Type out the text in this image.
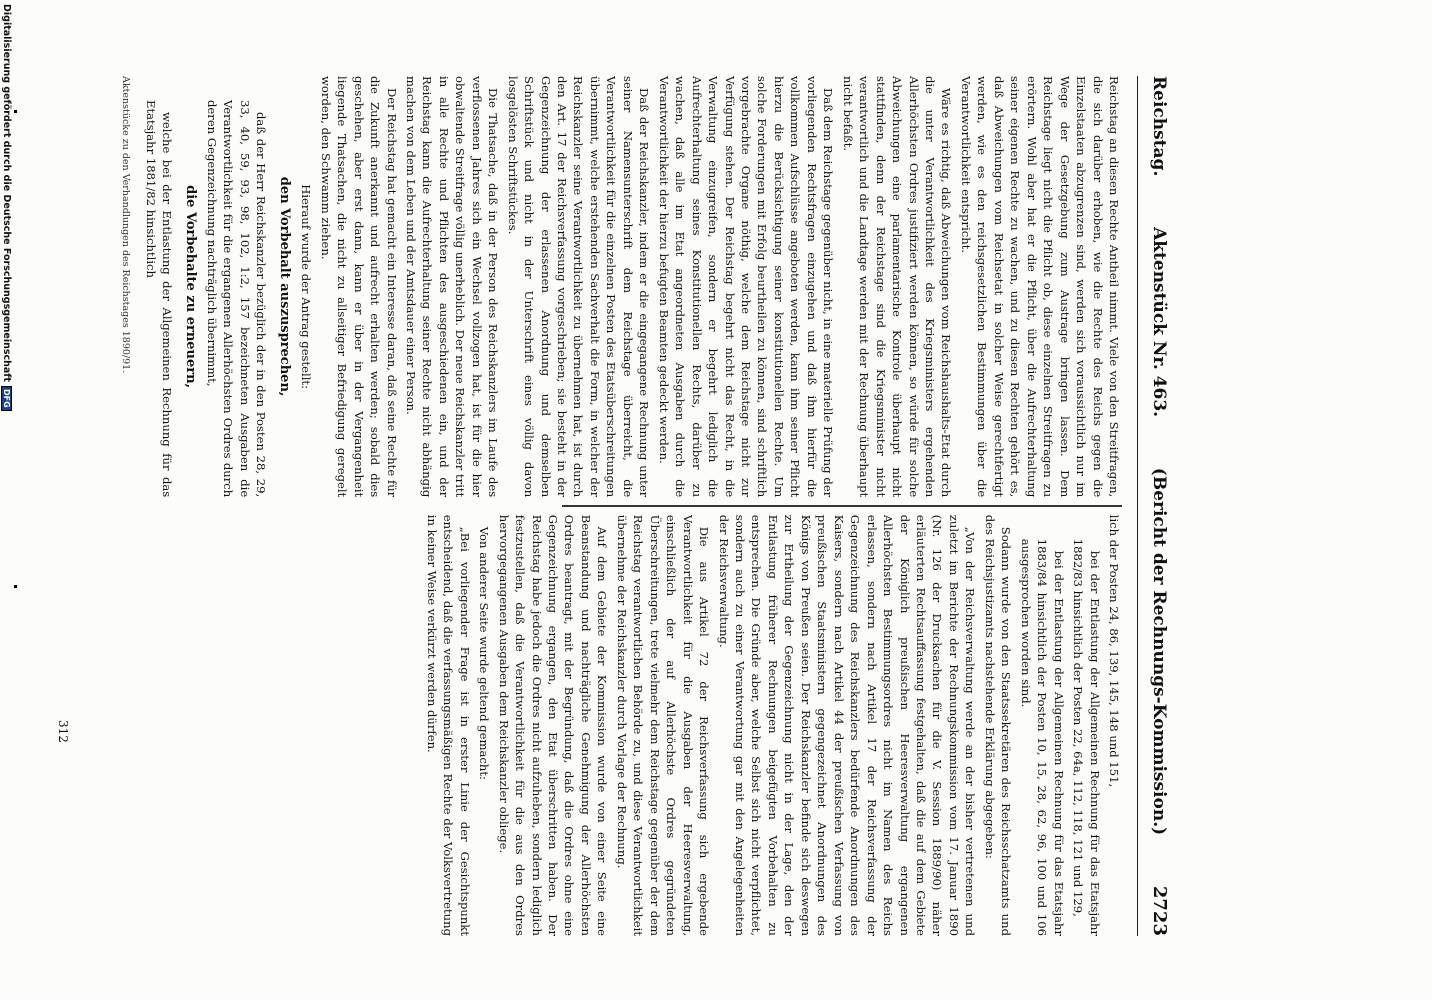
Reichstag.
Aktenstück Nr. 463.
(Bericht der Rechnungs-Kommission.)
2723

Reichstag an diesen Rechte Antheil nimmt. Viele von den Streitfragen, die sich darüber erhoben, wie die Rechte des Reichs gegen die Einzelstaaten abzugrenzen sind, werden sich voraussichtlich nur im Wege der Gesetzgebung zum Austrage bringen lassen. Dem Reichstage liegt nicht die Pflicht ob, diese einzelnen Streitfragen zu erörtern. Wohl aber hat er die Pflicht, über die Aufrechterhaltung seiner eigenen Rechte zu wachen, und zu diesen Rechten gehört es, daß Abweichungen vom Reichsetat in solcher Weise gerechtfertigt werden, wie es den reichsgesetzlichen Bestimmungen über die Verantwortlichkeit entspricht.

Wäre es richtig, daß Abweichungen vom Reichshaushalts-Etat durch die unter Verantwortlichkeit des Kriegsministers ergehenden Allerhöchsten Ordres justifiziert werden können, so würde für solche Abweichungen eine parlamentarische Kontrole überhaupt nicht stattfinden, denn der Reichstage sind die Kriegsminister nicht verantwortlich und die Landtage werden mit der Rechnung überhaupt nicht befaßt.

Daß dem Reichstage gegenüber nicht, in eine materielle Prüfung der vorliegenden Rechtsfragen einzugehen und daß ihm hierfür die vollkommen Aufschlüsse angeboten werden, kann ihm seiner Pflicht hierzu die Berücksichtigung seiner konstitutionellen Rechte. Um solche Forderungen mit Erfolg beurtheilen zu können, sind schriftlich vorgebrachte Organe nöthig, welche dem Reichstage nicht zur Verfügung stehen. Der Reichstag begehrt nicht das Recht, in die Verwaltung einzugreifen, sondern er begehrt lediglich die Aufrechterhaltung seines Konstitutionellen Rechts, darüber zu wachen, daß alle im Etat angeordneten Ausgaben durch die Verantwortlichkeit der hierzu befugten Beamten gedeckt werden.

Daß der Reichskanzler, indem er die eingegangene Rechnung unter seiner Namensunterschrift dem Reichstage überreicht, die Verantwortlichkeit für die einzelnen Posten des Etatsüberschreitungen übernimmt, welche erstehenden Sachverhalt die Form, in welcher der Reichskanzler seine Verantwortlichkeit zu übernehmen hat, ist durch den Art. 17 der Reichsverfassung vorgeschrieben; sie besteht in der Gegenzeichnung der erlassenen Anordnung und demselben Schriftstück und nicht in der Unterschrift eines völlig davon losgelösten Schriftstückes.

Die Thatsache, daß in der Person des Reichskanzlers im Laufe des verflossenen Jahres sich ein Wechsel vollzogen hat, ist für die hier obwaltende Streitfrage völlig unerheblich. Der neue Reichskanzler tritt in alle Rechte und Pflichten des ausgeschiedenen ein, und der Reichstag kann die Aufrechterhaltung seiner Rechte nicht abhängig machen von dem Leben und der Amtsdauer einer Person.

Der Reichstag hat gemacht ein Interesse daran, daß seine Rechte für die Zukunft anerkannt und aufrecht erhalten werden; sobald dies geschehen, aber erst dann, kann er über in der Vergangenheit liegende Thatsachen, die nicht zu allseitiger Befriedigung geregelt worden, den Schwamm ziehen.

Hierauf wurde der Antrag gestellt:

den Vorbehalt auszusprechen,

daß der Herr Reichskanzler bezüglich der in den Posten 28, 29, 33, 40, 59, 93, 98, 102, 1:2, 157 bezeichneten Ausgaben die Verantwortlichkeit für die ergangenen Allerhöchsten Ordres durch deren Gegenzeichnung nachträglich übernimmt,

die Vorbehalte zu erneuern,

welche bei der Entlastung der Allgemeinen Rechnung für das Etatsjahr 1881/82 hinsichtlich

Aktenstücke zu den Verhandlungen des Reichstages 1890/91.

lich der Posten 24, 86, 139, 145, 148 und 151,

bei der Entlastung der Allgemeinen Rechnung für das Etatsjahr 1882/83 hinsichtlich der Posten 22, 64a, 112, 118, 121 und 129,

bei der Entlastung der Allgemeinen Rechnung für das Etatsjahr 1883/84 hinsichtlich der Posten 10, 15, 28, 62, 96, 100 und 106 ausgesprochen worden sind.

Sodann wurde von den Staatssekretären des Reichsschatzamts und des Reichsjustizamts nachstehende Erklärung abgegeben:

„Von der Reichsverwaltung werde an der bisher vertretenen und zuletzt im Berichte der Rechnungskommission vom 17. Januar 1890 (Nr. 126 der Drucksachen für die V. Session 1889/90) näher erläuterten Rechtsauffassung festgehalten, daß die auf dem Gebiete der Königlich preußischen Heeresverwaltung ergangenen Allerhöchsten Bestimmungsordres nicht im Namen des Reichs erlassen, sondern nach Artikel 17 der Reichsverfassung der Gegenzeichnung des Reichskanzlers bedürfende Anordnungen des Kaisers, sondern nach Artikel 44 der preußischen Verfassung von preußischen Staatsministern gegengezeichnet Anordnungen des Königs von Preußen seien. Der Reichskanzler befinde sich deswegen zur Ertheilung der Gegenzeichnung nicht in der Lage, den der Entlastung früherer Rechnungen beigefügten Vorbehalten zu entsprechen. Die Gründe aber, welche Selbst sich nicht verpflichtet, sondern auch zu einer Verantwortung gar mit den Angelegenheiten der Reichsverwaltung.

Die aus Artikel 72 der Reichsverfassung sich ergebende Verantwortlichkeit für die Ausgaben der Heeresverwaltung, einschließlich der auf Allerhöchste Ordres gegründeten Überschreitungen, trete vielmehr dem Reichstage gegenüber der dem Reichstag verantwortlichen Behörde zu, und diese Verantwortlichkeit übernehme der Reichskanzler durch Vorlage der Rechnung.

Auf dem Gebiete der Kommission wurde von einer Seite eine Beanstandung und nachträgliche Genehmigung der Allerhöchsten Ordres beantragt, mit der Begründung, daß die Ordres ohne eine Gegenzeichnung ergangen, den Etat überschritten haben. Der Reichstag habe jedoch die Ordres nicht aufzuheben, sondern lediglich festzustellen, daß die Verantwortlichkeit für die aus den Ordres hervorgegangenen Ausgaben dem Reichskanzler obliege.

Von anderer Seite wurde geltend gemacht:

„Bei vorliegender Frage ist in erster Linie der Gesichtspunkt entscheidend, daß die verfassungsmäßigen Rechte der Volksvertretung in keiner Weise verkürzt werden dürfen.

312
Digitalisierung gefördert durch die Deutsche Forschungsgemeinschaft
DFG
